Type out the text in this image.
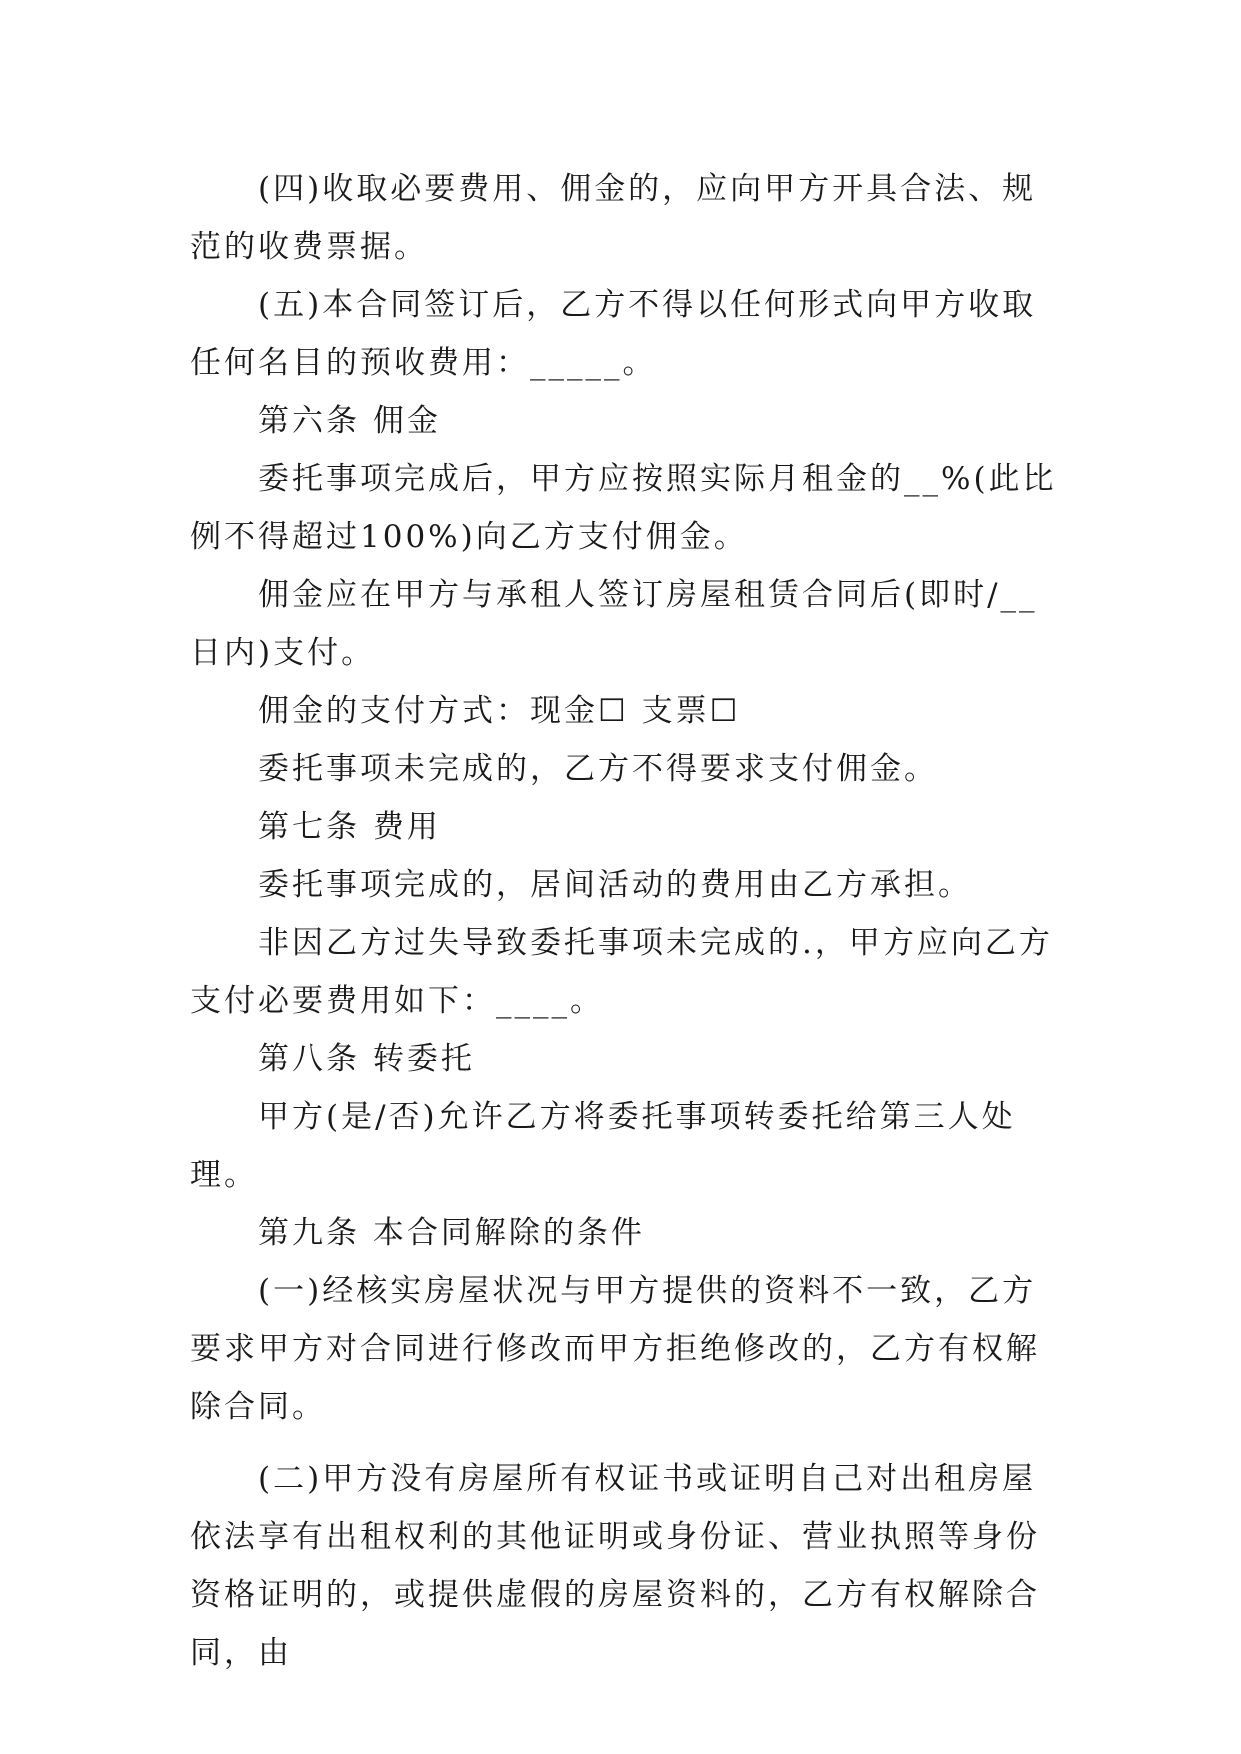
(四)收取必要费用、佣金的，应向甲方开具合法、规范的收费票据。

(五)本合同签订后，乙方不得以任何形式向甲方收取任何名目的预收费用：_____。

第六条 佣金

委托事项完成后，甲方应按照实际月租金的__%(此比例不得超过100%)向乙方支付佣金。

佣金应在甲方与承租人签订房屋租赁合同后(即时/__日内)支付。

佣金的支付方式：现金☐ 支票☐

委托事项未完成的，乙方不得要求支付佣金。

第七条 费用

委托事项完成的，居间活动的费用由乙方承担。

非因乙方过失导致委托事项未完成的.，甲方应向乙方支付必要费用如下：____。

第八条 转委托

甲方(是/否)允许乙方将委托事项转委托给第三人处理。

第九条 本合同解除的条件

(一)经核实房屋状况与甲方提供的资料不一致，乙方要求甲方对合同进行修改而甲方拒绝修改的，乙方有权解除合同。

(二)甲方没有房屋所有权证书或证明自己对出租房屋依法享有出租权利的其他证明或身份证、营业执照等身份资格证明的，或提供虚假的房屋资料的，乙方有权解除合同，由
